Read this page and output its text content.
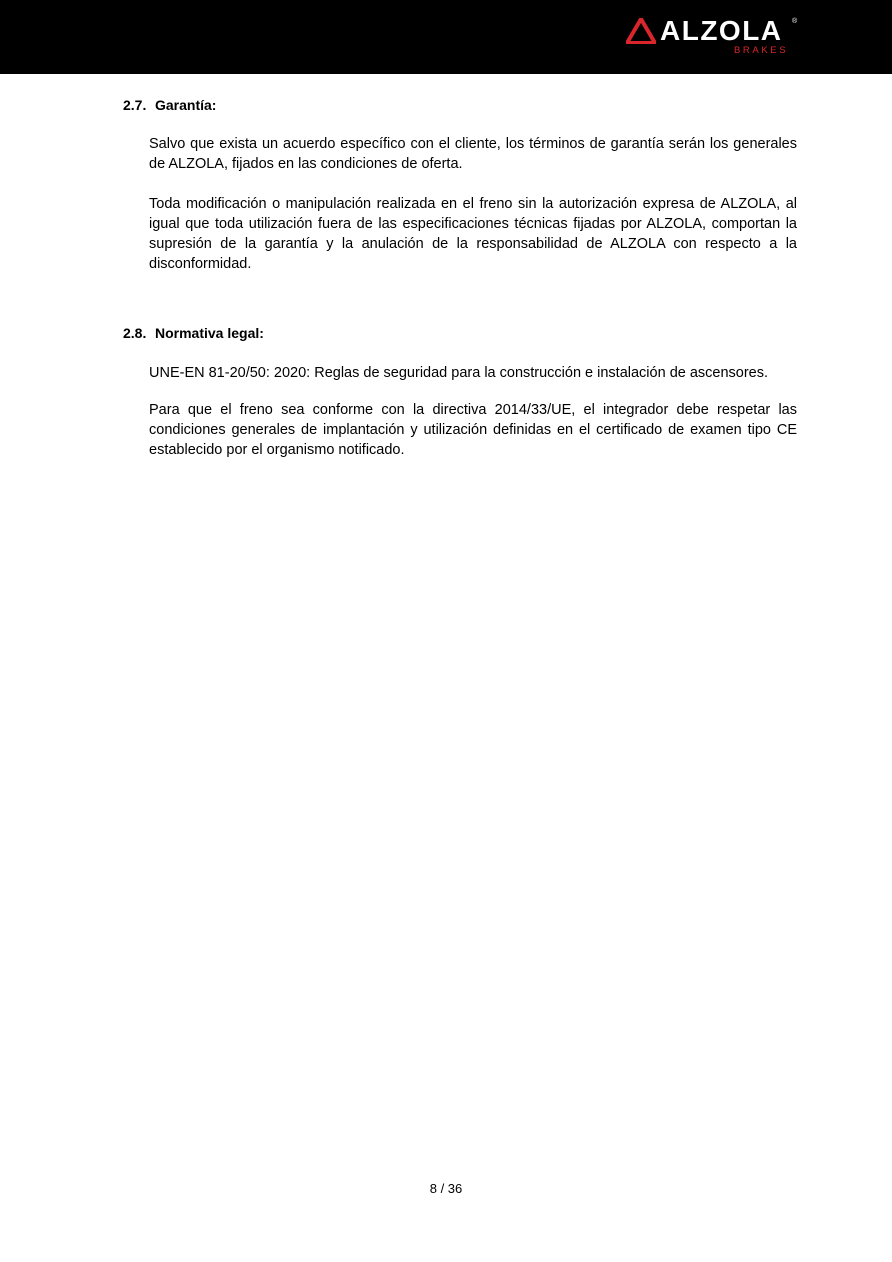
ALZOLA ®
BRAKES
2.7. Garantía:

Salvo que exista un acuerdo específico con el cliente, los términos de garantía serán los generales de ALZOLA, fijados en las condiciones de oferta.

Toda modificación o manipulación realizada en el freno sin la autorización expresa de ALZOLA, al igual que toda utilización fuera de las especificaciones técnicas fijadas por ALZOLA, comportan la supresión de la garantía y la anulación de la responsabilidad de ALZOLA con respecto a la disconformidad.

2.8. Normativa legal:

UNE-EN 81-20/50: 2020: Reglas de seguridad para la construcción e instalación de ascensores.

Para que el freno sea conforme con la directiva 2014/33/UE, el integrador debe respetar las condiciones generales de implantación y utilización definidas en el certificado de examen tipo CE establecido por el organismo notificado.

8 / 36
